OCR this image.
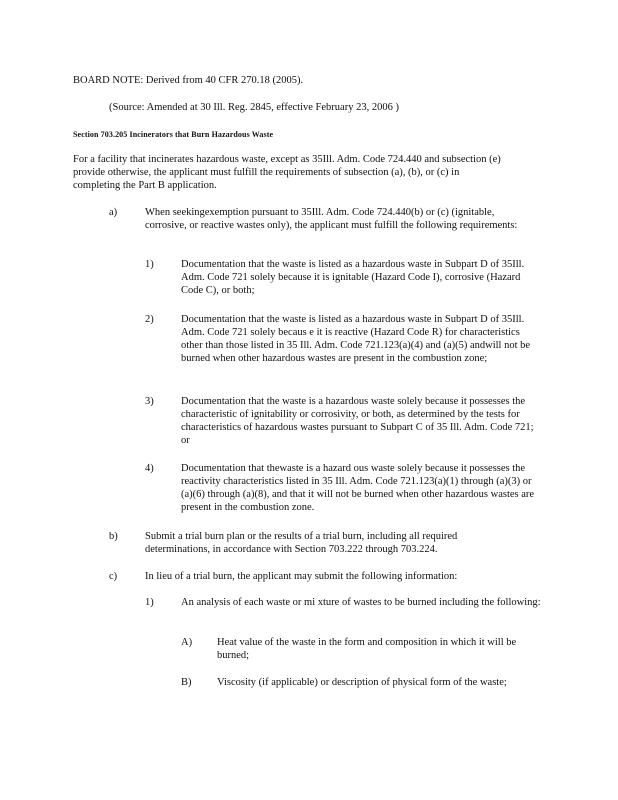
BOARD NOTE: Derived from 40 CFR 270.18 (2005).

(Source: Amended at 30 Ill. Reg. 2845, effective February 23, 2006 )

Section 703.205 Incinerators that Burn Hazardous Waste

For a facility that incinerates hazardous waste, except as 35Ill. Adm. Code 724.440 and subsection (e) provide otherwise, the applicant must fulfill the requirements of subsection (a), (b), or (c) in completing the Part B application.

a)	When seekingexemption pursuant to 35Ill. Adm. Code 724.440(b) or (c) (ignitable, corrosive, or reactive wastes only), the applicant must fulfill the following requirements:

1)	Documentation that the waste is listed as a hazardous waste in Subpart D of 35Ill. Adm. Code 721 solely because it is ignitable (Hazard Code I), corrosive (Hazard Code C), or both;

2)	Documentation that the waste is listed as a hazardous waste in Subpart D of 35Ill. Adm. Code 721 solely becaus e it is reactive (Hazard Code R) for characteristics other than those listed in 35 Ill. Adm. Code 721.123(a)(4) and (a)(5) andwill not be burned when other hazardous wastes are present in the combustion zone;

3)	Documentation that the waste is a hazardous waste solely because it possesses the characteristic of ignitability or corrosivity, or both, as determined by the tests for characteristics of hazardous wastes pursuant to Subpart C of 35 Ill. Adm. Code 721; or

4)	Documentation that thewaste is a hazard ous waste solely because it possesses the reactivity characteristics listed in 35 Ill. Adm. Code 721.123(a)(1) through (a)(3) or (a)(6) through (a)(8), and that it will not be burned when other hazardous wastes are present in the combustion zone.

b)	Submit a trial burn plan or the results of a trial burn, including all required determinations, in accordance with Section 703.222 through 703.224.

c)	In lieu of a trial burn, the applicant may submit the following information:

1)	An analysis of each waste or mi xture of wastes to be burned including the following:

A) Heat value of the waste in the form and composition in which it will be burned;

B) Viscosity (if applicable) or description of physical form of the waste;
